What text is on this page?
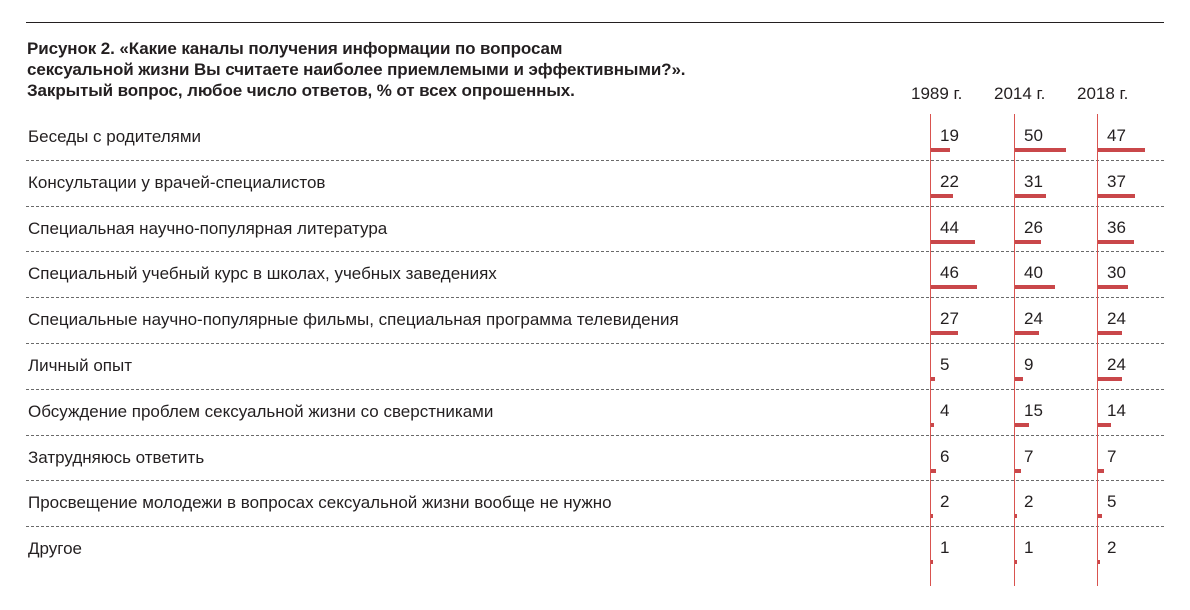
Рисунок 2. «Какие каналы получения информации по вопросам
сексуальной жизни Вы считаете наиболее приемлемыми и эффективными?».
Закрытый вопрос, любое число ответов, % от всех опрошенных.	1989 г. 2014 г. 2018 г.
Беседы с родителями	19	50	47
Консультации у врачей-специалистов	22	31	37
Специальная научно-популярная литература	44	26	36
Специальный учебный курс в школах, учебных заведениях	46	40	30
Специальные научно-популярные фильмы, специальная программа телевидения	27	24	24
Личный опыт	5	9	24
Обсуждение проблем сексуальной жизни со сверстниками	4	15	14
Затрудняюсь ответить	6	7	7
Просвещение молодежи в вопросах сексуальной жизни вообще не нужно	2	2	5
Другое	1	1	2
